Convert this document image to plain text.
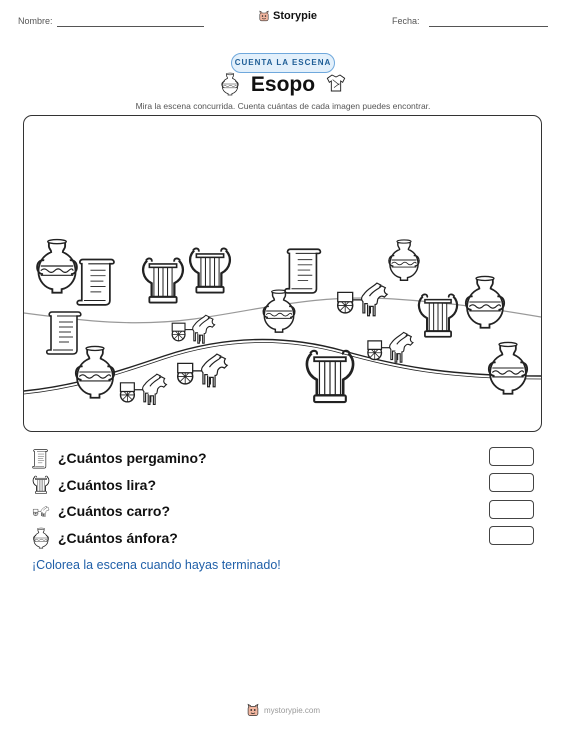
Nombre:	Storypie	Fecha:
CUENTA LA ESCENA
Esopo
Mira la escena concurrida. Cuenta cuántas de cada imagen puedes encontrar.
¿Cuántos pergamino?
¿Cuántos lira?
¿Cuántos carro?
¿Cuántos ánfora?
¡Colorea la escena cuando hayas terminado!
mystorypie.com
